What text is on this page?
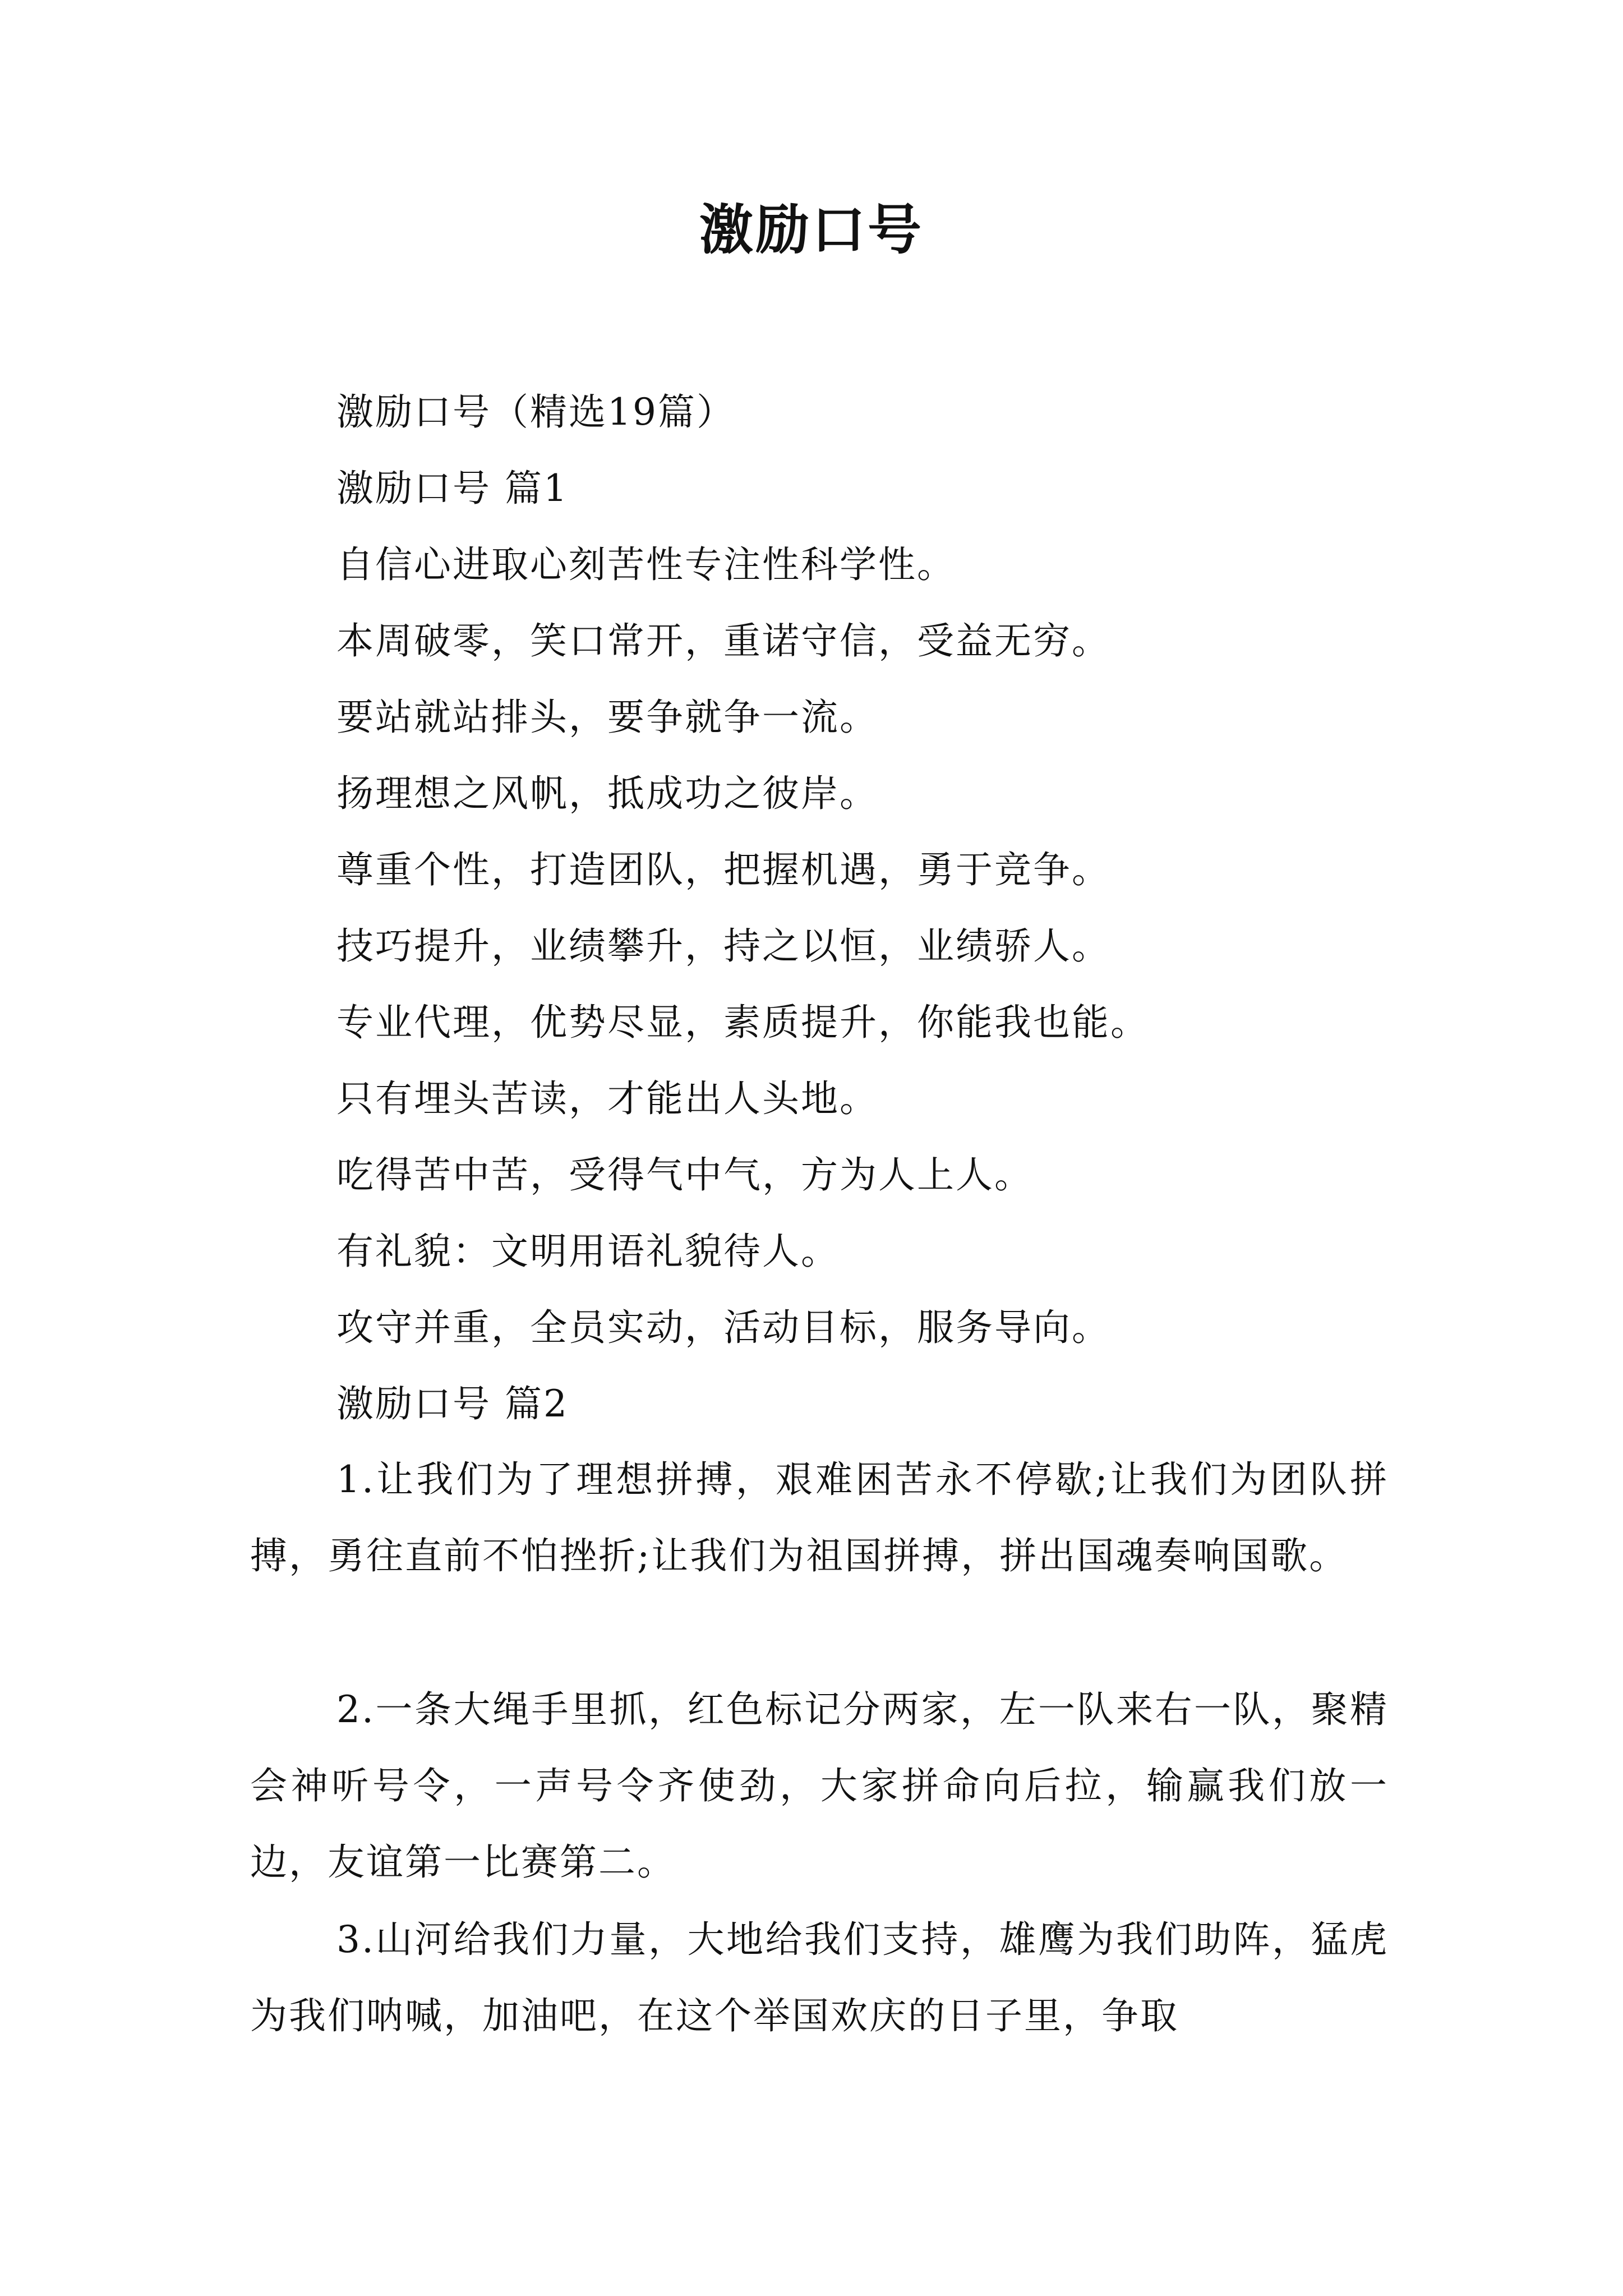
激励口号
激励口号（精选19篇）
激励口号 篇1
自信心进取心刻苦性专注性科学性。
本周破零，笑口常开，重诺守信，受益无穷。
要站就站排头，要争就争一流。
扬理想之风帆，抵成功之彼岸。
尊重个性，打造团队，把握机遇，勇于竞争。
技巧提升，业绩攀升，持之以恒，业绩骄人。
专业代理，优势尽显，素质提升，你能我也能。
只有埋头苦读，才能出人头地。
吃得苦中苦，受得气中气，方为人上人。
有礼貌：文明用语礼貌待人。
攻守并重，全员实动，活动目标，服务导向。
激励口号 篇2
1.让我们为了理想拼搏，艰难困苦永不停歇;让我们为团队拼搏，勇往直前不怕挫折;让我们为祖国拼搏，拼出国魂奏响国歌。
2.一条大绳手里抓，红色标记分两家，左一队来右一队，聚精会神听号令，一声号令齐使劲，大家拼命向后拉，输赢我们放一边，友谊第一比赛第二。
3.山河给我们力量，大地给我们支持，雄鹰为我们助阵，猛虎为我们呐喊，加油吧，在这个举国欢庆的日子里，争取
